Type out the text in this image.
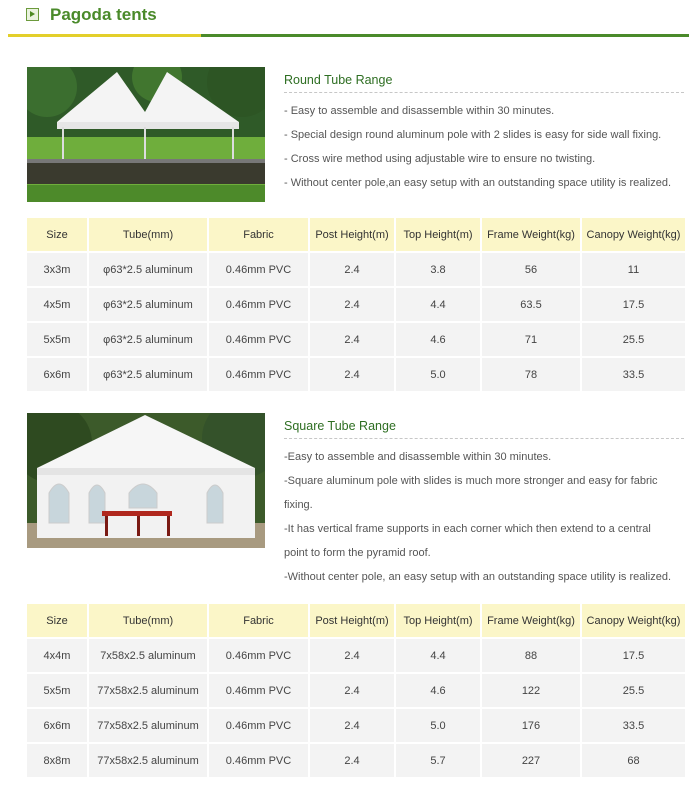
Pagoda tents
Round Tube Range
- Easy to assemble and disassemble within 30 minutes.
- Special design round aluminum pole with 2 slides is easy for side wall fixing.
- Cross wire method using adjustable wire to ensure no twisting.
- Without center pole,an easy setup with an outstanding space utility is realized.
Size	Tube(mm)	Fabric	Post Height(m)	Top Height(m)	Frame Weight(kg)	Canopy Weight(kg)
3x3m	φ63*2.5 aluminum	0.46mm PVC	2.4	3.8	56	11
4x5m	φ63*2.5 aluminum	0.46mm PVC	2.4	4.4	63.5	17.5
5x5m	φ63*2.5 aluminum	0.46mm PVC	2.4	4.6	71	25.5
6x6m	φ63*2.5 aluminum	0.46mm PVC	2.4	5.0	78	33.5
Square Tube Range
-Easy to assemble and disassemble within 30 minutes.
-Square aluminum pole with slides is much more stronger and easy for fabric
fixing.
-It has vertical frame supports in each corner which then extend to a central
point to form the pyramid roof.
-Without center pole, an easy setup with an outstanding space utility is realized.
Size	Tube(mm)	Fabric	Post Height(m)	Top Height(m)	Frame Weight(kg)	Canopy Weight(kg)
4x4m	7x58x2.5 aluminum	0.46mm PVC	2.4	4.4	88	17.5
5x5m	77x58x2.5 aluminum	0.46mm PVC	2.4	4.6	122	25.5
6x6m	77x58x2.5 aluminum	0.46mm PVC	2.4	5.0	176	33.5
8x8m	77x58x2.5 aluminum	0.46mm PVC	2.4	5.7	227	68
